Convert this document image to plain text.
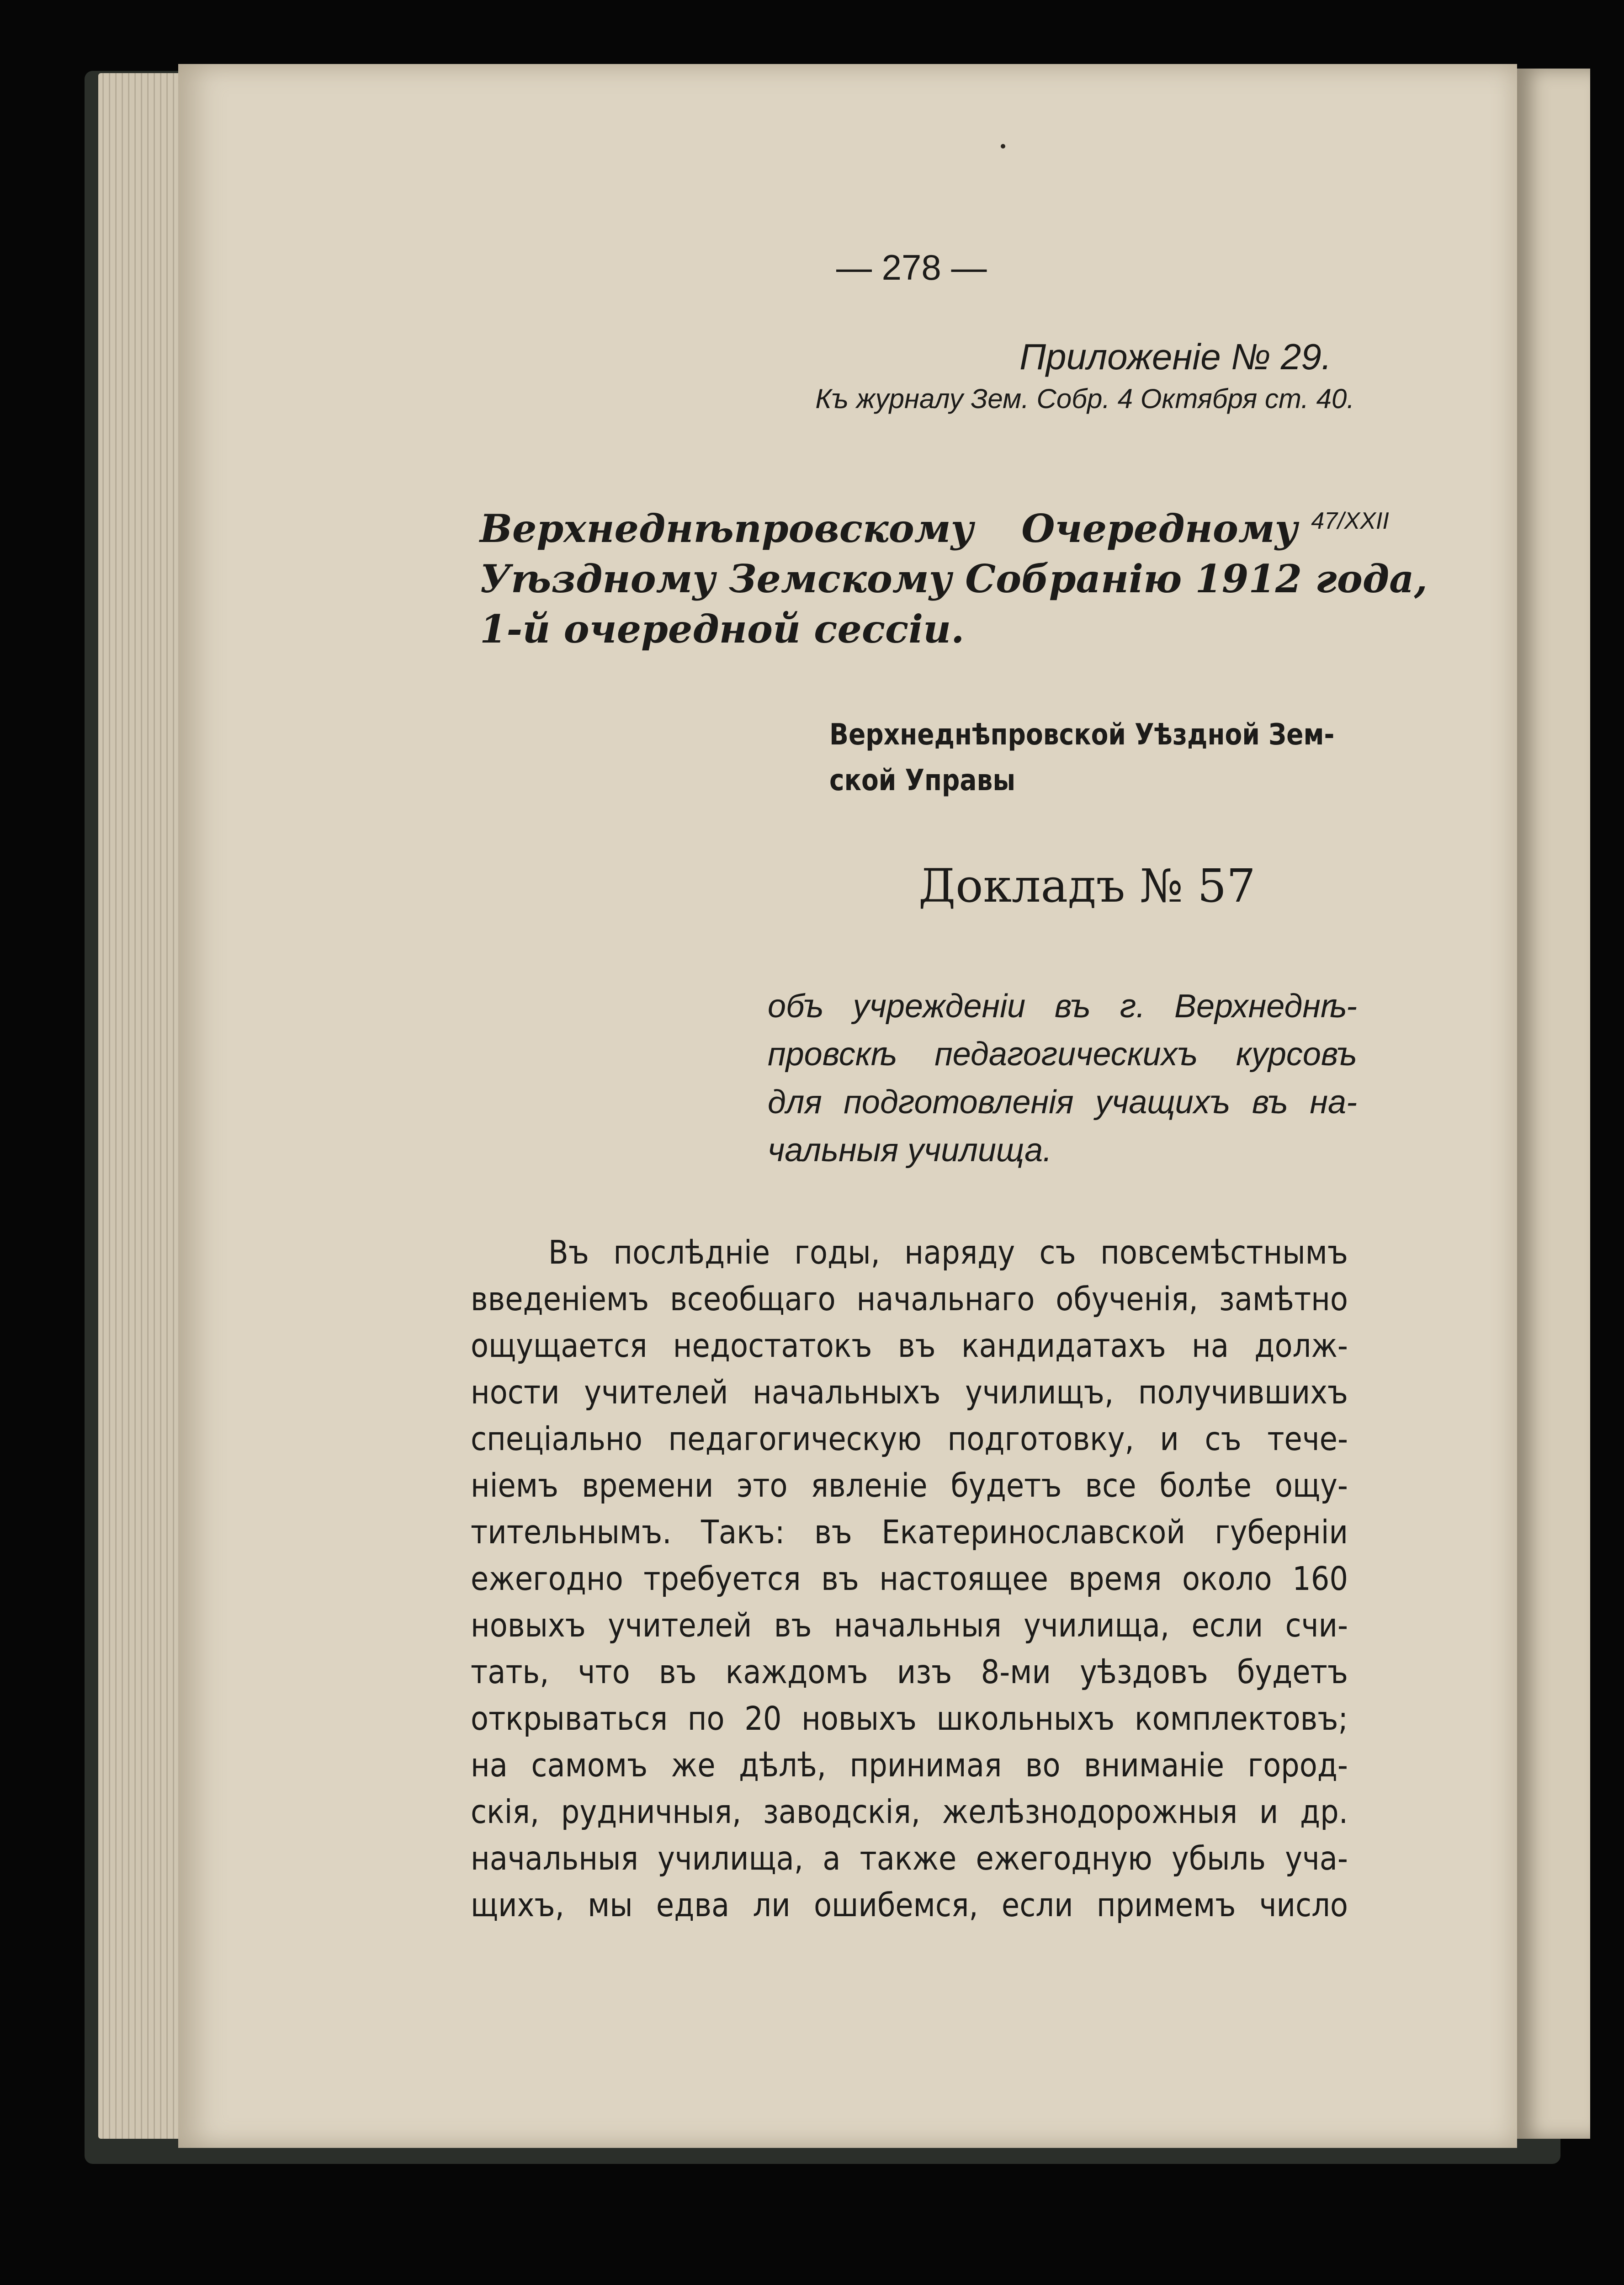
— 278 —
Приложеніе № 29.
Къ журналу Зем. Собр. 4 Октября ст. 40.
Верхнеднѣпровскому Очередному $^{47/XXII}$
Уѣздному Земскому Собранію 1912 года,
1-й очередной сессіи.
Верхнеднѣпровской Уѣздной Зем-
ской Управы
Докладъ № 57
объ учрежденіи въ г. Верхнеднѣ-
провскѣ педагогическихъ курсовъ
для подготовленія учащихъ въ на-
чальныя училища.
Въ послѣдніе годы, наряду съ повсемѣстнымъ
введеніемъ всеобщаго начальнаго обученія, замѣтно
ощущается недостатокъ въ кандидатахъ на долж-
ности учителей начальныхъ училищъ, получившихъ
спеціально педагогическую подготовку, и съ тече-
ніемъ времени это явленіе будетъ все болѣе ощу-
тительнымъ. Такъ: въ Екатеринославской губерніи
ежегодно требуется въ настоящее время около 160
новыхъ учителей въ начальныя училища, если счи-
тать, что въ каждомъ изъ 8-ми уѣздовъ будетъ
открываться по 20 новыхъ школьныхъ комплектовъ;
на самомъ же дѣлѣ, принимая во вниманіе город-
скія, рудничныя, заводскія, желѣзнодорожныя и др.
начальныя училища, а также ежегодную убыль уча-
щихъ, мы едва ли ошибемся, если примемъ число
